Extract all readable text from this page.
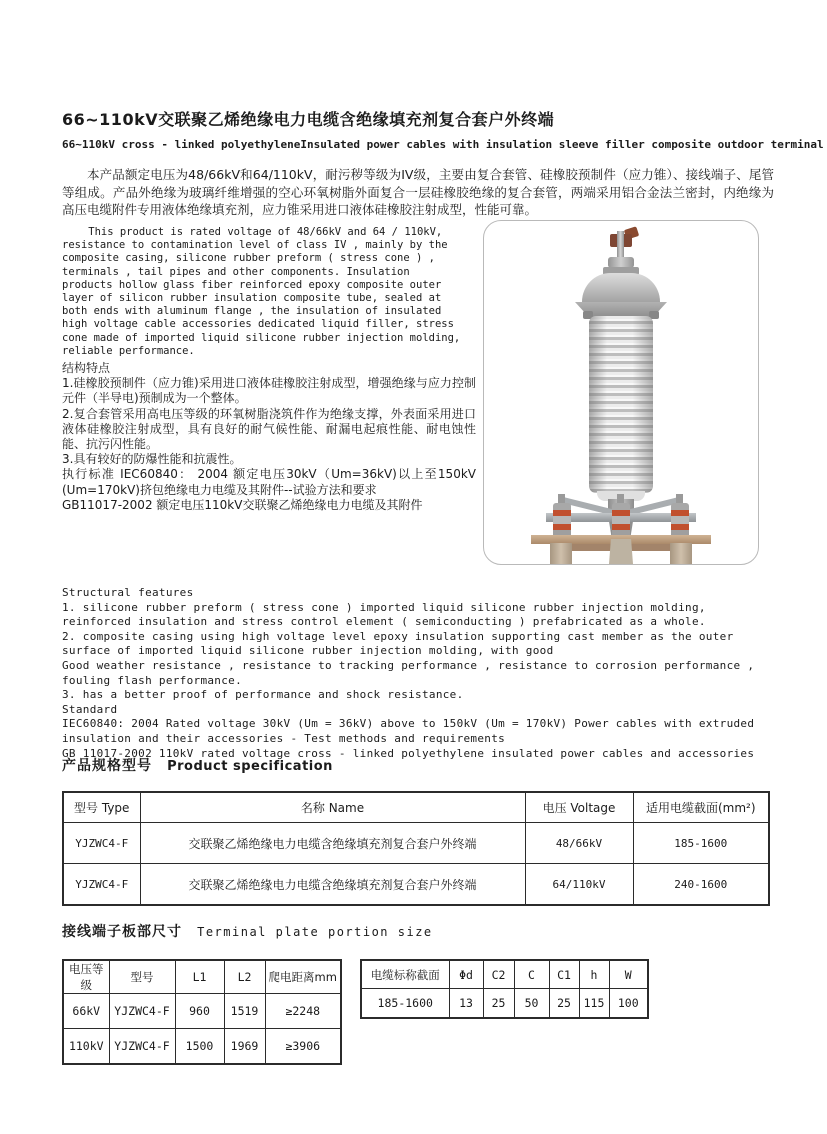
66~110kV交联聚乙烯绝缘电力电缆含绝缘填充剂复合套户外终端
66~110kV cross - linked polyethyleneInsulated power cables with insulation sleeve filler composite outdoor terminal
本产品额定电压为48/66kV和64/110kV，耐污秽等级为IV级，主要由复合套管、硅橡胶预制件（应力锥）、接线端子、尾管等组成。产品外绝缘为玻璃纤维增强的空心环氧树脂外面复合一层硅橡胶绝缘的复合套管，两端采用铝合金法兰密封，内绝缘为高压电缆附件专用液体绝缘填充剂，应力锥采用进口液体硅橡胶注射成型，性能可靠。
This product is rated voltage of 48/66kV and 64 / 110kV, resistance to contamination level of class IV , mainly by the composite casing, silicone rubber preform ( stress cone ) , terminals , tail pipes and other components. Insulation products hollow glass fiber reinforced epoxy composite outer layer of silicon rubber insulation composite tube, sealed at both ends with aluminum flange , the insulation of insulated high voltage cable accessories dedicated liquid filler, stress cone made of imported liquid silicone rubber injection molding, reliable performance.

结构特点

1.硅橡胶预制件（应力锥)采用进口液体硅橡胶注射成型，增强绝缘与应力控制元件（半导电)预制成为一个整体。

2.复合套管采用高电压等级的环氧树脂浇筑件作为绝缘支撑，外表面采用进口液体硅橡胶注射成型，具有良好的耐气候性能、耐漏电起痕性能、耐电蚀性能、抗污闪性能。

3.具有较好的防爆性能和抗震性。

执行标准 IEC60840： 2004 额定电压30kV（Um=36kV)以上至150kV (Um=170kV)挤包绝缘电力电缆及其附件--试验方法和要求

GB11017-2002 额定电压110kV交联聚乙烯绝缘电力电缆及其附件

Structural features

1. silicone rubber preform ( stress cone ) imported liquid silicone rubber injection molding, reinforced insulation and stress control element ( semiconducting ) prefabricated as a whole.

2. composite casing using high voltage level epoxy insulation supporting cast member as the outer surface of imported liquid silicone rubber injection molding, with good

Good weather resistance , resistance to tracking performance , resistance to corrosion performance , fouling flash performance.

3. has a better proof of performance and shock resistance.

Standard

IEC60840: 2004 Rated voltage 30kV (Um = 36kV) above to 150kV (Um = 170kV) Power cables with extruded insulation and their accessories - Test methods and requirements

GB 11017-2002 110kV rated voltage cross - linked polyethylene insulated power cables and accessories

产品规格型号 Product specification
型号 Type	名称 Name	电压 Voltage	适用电缆截面(mm²)
YJZWC4-F	交联聚乙烯绝缘电力电缆含绝缘填充剂复合套户外终端	48/66kV	185-1600
YJZWC4-F	交联聚乙烯绝缘电力电缆含绝缘填充剂复合套户外终端	64/110kV	240-1600
接线端子板部尺寸 Terminal plate portion size
电压等级	型号	L1	L2	爬电距离mm
66kV	YJZWC4-F	960	1519	≥2248
110kV	YJZWC4-F	1500	1969	≥3906
电缆标称截面	Φd	C2	C	C1	h	W
185-1600	13	25	50	25	115	100
